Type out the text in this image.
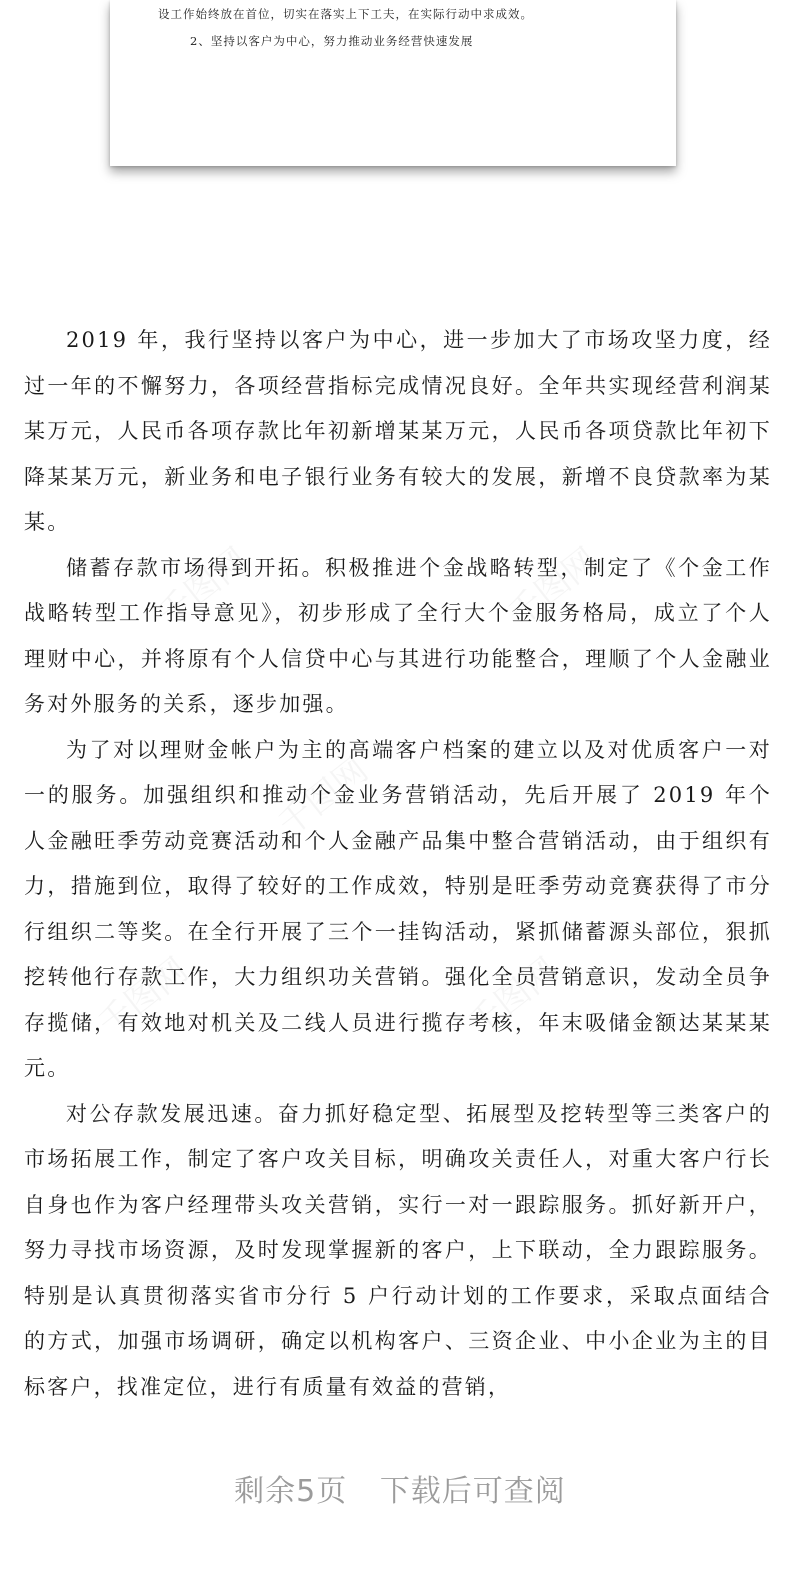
设工作始终放在首位，切实在落实上下工夫，在实际行动中求成效。
2、坚持以客户为中心，努力推动业务经营快速发展
千图网	千图网
千图网
千图网	千图网

2019 年，我行坚持以客户为中心，进一步加大了市场攻坚力度，经过一年的不懈努力，各项经营指标完成情况良好。全年共实现经营利润某某万元，人民币各项存款比年初新增某某万元，人民币各项贷款比年初下降某某万元，新业务和电子银行业务有较大的发展，新增不良贷款率为某某。

储蓄存款市场得到开拓。积极推进个金战略转型，制定了《个金工作战略转型工作指导意见》，初步形成了全行大个金服务格局，成立了个人理财中心，并将原有个人信贷中心与其进行功能整合，理顺了个人金融业务对外服务的关系，逐步加强。

为了对以理财金帐户为主的高端客户档案的建立以及对优质客户一对一的服务。加强组织和推动个金业务营销活动，先后开展了 2019 年个人金融旺季劳动竞赛活动和个人金融产品集中整合营销活动，由于组织有力，措施到位，取得了较好的工作成效，特别是旺季劳动竞赛获得了市分行组织二等奖。在全行开展了三个一挂钩活动，紧抓储蓄源头部位，狠抓挖转他行存款工作，大力组织功关营销。强化全员营销意识，发动全员争存揽储，有效地对机关及二线人员进行揽存考核，年末吸储金额达某某某元。

对公存款发展迅速。奋力抓好稳定型、拓展型及挖转型等三类客户的市场拓展工作，制定了客户攻关目标，明确攻关责任人，对重大客户行长自身也作为客户经理带头攻关营销，实行一对一跟踪服务。抓好新开户，努力寻找市场资源，及时发现掌握新的客户，上下联动，全力跟踪服务。特别是认真贯彻落实省市分行 5 户行动计划的工作要求，采取点面结合的方式，加强市场调研，确定以机构客户、三资企业、中小企业为主的目标客户，找准定位，进行有质量有效益的营销，

剩余5页 下载后可查阅
